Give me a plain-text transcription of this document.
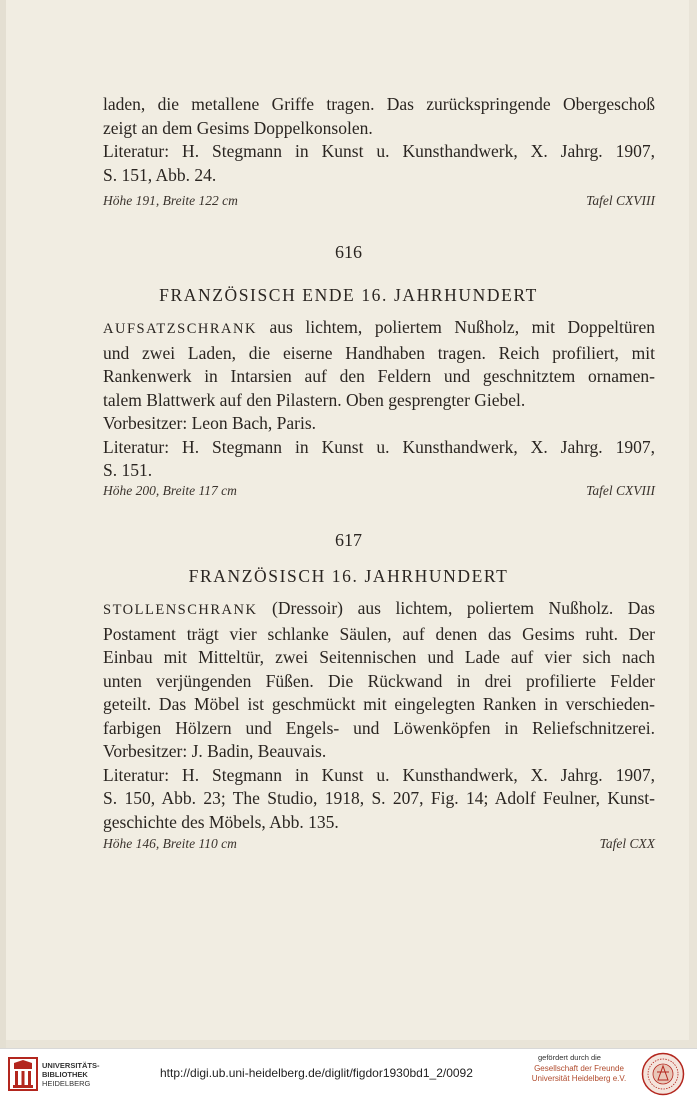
laden, die metallene Griffe tragen. Das zurückspringende Obergeschoß
zeigt an dem Gesims Doppelkonsolen.
Literatur: H. Stegmann in Kunst u. Kunsthandwerk, X. Jahrg. 1907,
S. 151, Abb. 24.
Höhe 191, Breite 122 cm	Tafel CXVIII
616
FRANZÖSISCH ENDE 16. JAHRHUNDERT
AUFSATZSCHRANK aus lichtem, poliertem Nußholz, mit Doppeltüren
und zwei Laden, die eiserne Handhaben tragen. Reich profiliert, mit
Rankenwerk in Intarsien auf den Feldern und geschnitztem ornamen-
talem Blattwerk auf den Pilastern. Oben gesprengter Giebel.
Vorbesitzer: Leon Bach, Paris.
Literatur: H. Stegmann in Kunst u. Kunsthandwerk, X. Jahrg. 1907,
S. 151.
Höhe 200, Breite 117 cm	Tafel CXVIII
617
FRANZÖSISCH 16. JAHRHUNDERT
STOLLENSCHRANK (Dressoir) aus lichtem, poliertem Nußholz. Das
Postament trägt vier schlanke Säulen, auf denen das Gesims ruht. Der
Einbau mit Mitteltür, zwei Seitennischen und Lade auf vier sich nach
unten verjüngenden Füßen. Die Rückwand in drei profilierte Felder
geteilt. Das Möbel ist geschmückt mit eingelegten Ranken in verschieden-
farbigen Hölzern und Engels- und Löwenköpfen in Reliefschnitzerei.
Vorbesitzer: J. Badin, Beauvais.
Literatur: H. Stegmann in Kunst u. Kunsthandwerk, X. Jahrg. 1907,
S. 150, Abb. 23; The Studio, 1918, S. 207, Fig. 14; Adolf Feulner, Kunst-
geschichte des Möbels, Abb. 135.
Höhe 146, Breite 110 cm	Tafel CXX
UNIVERSITÄTS-
BIBLIOTHEK
HEIDELBERG
http://digi.ub.uni-heidelberg.de/diglit/figdor1930bd1_2/0092
gefördert durch die
Gesellschaft der Freunde
Universität Heidelberg e.V.
